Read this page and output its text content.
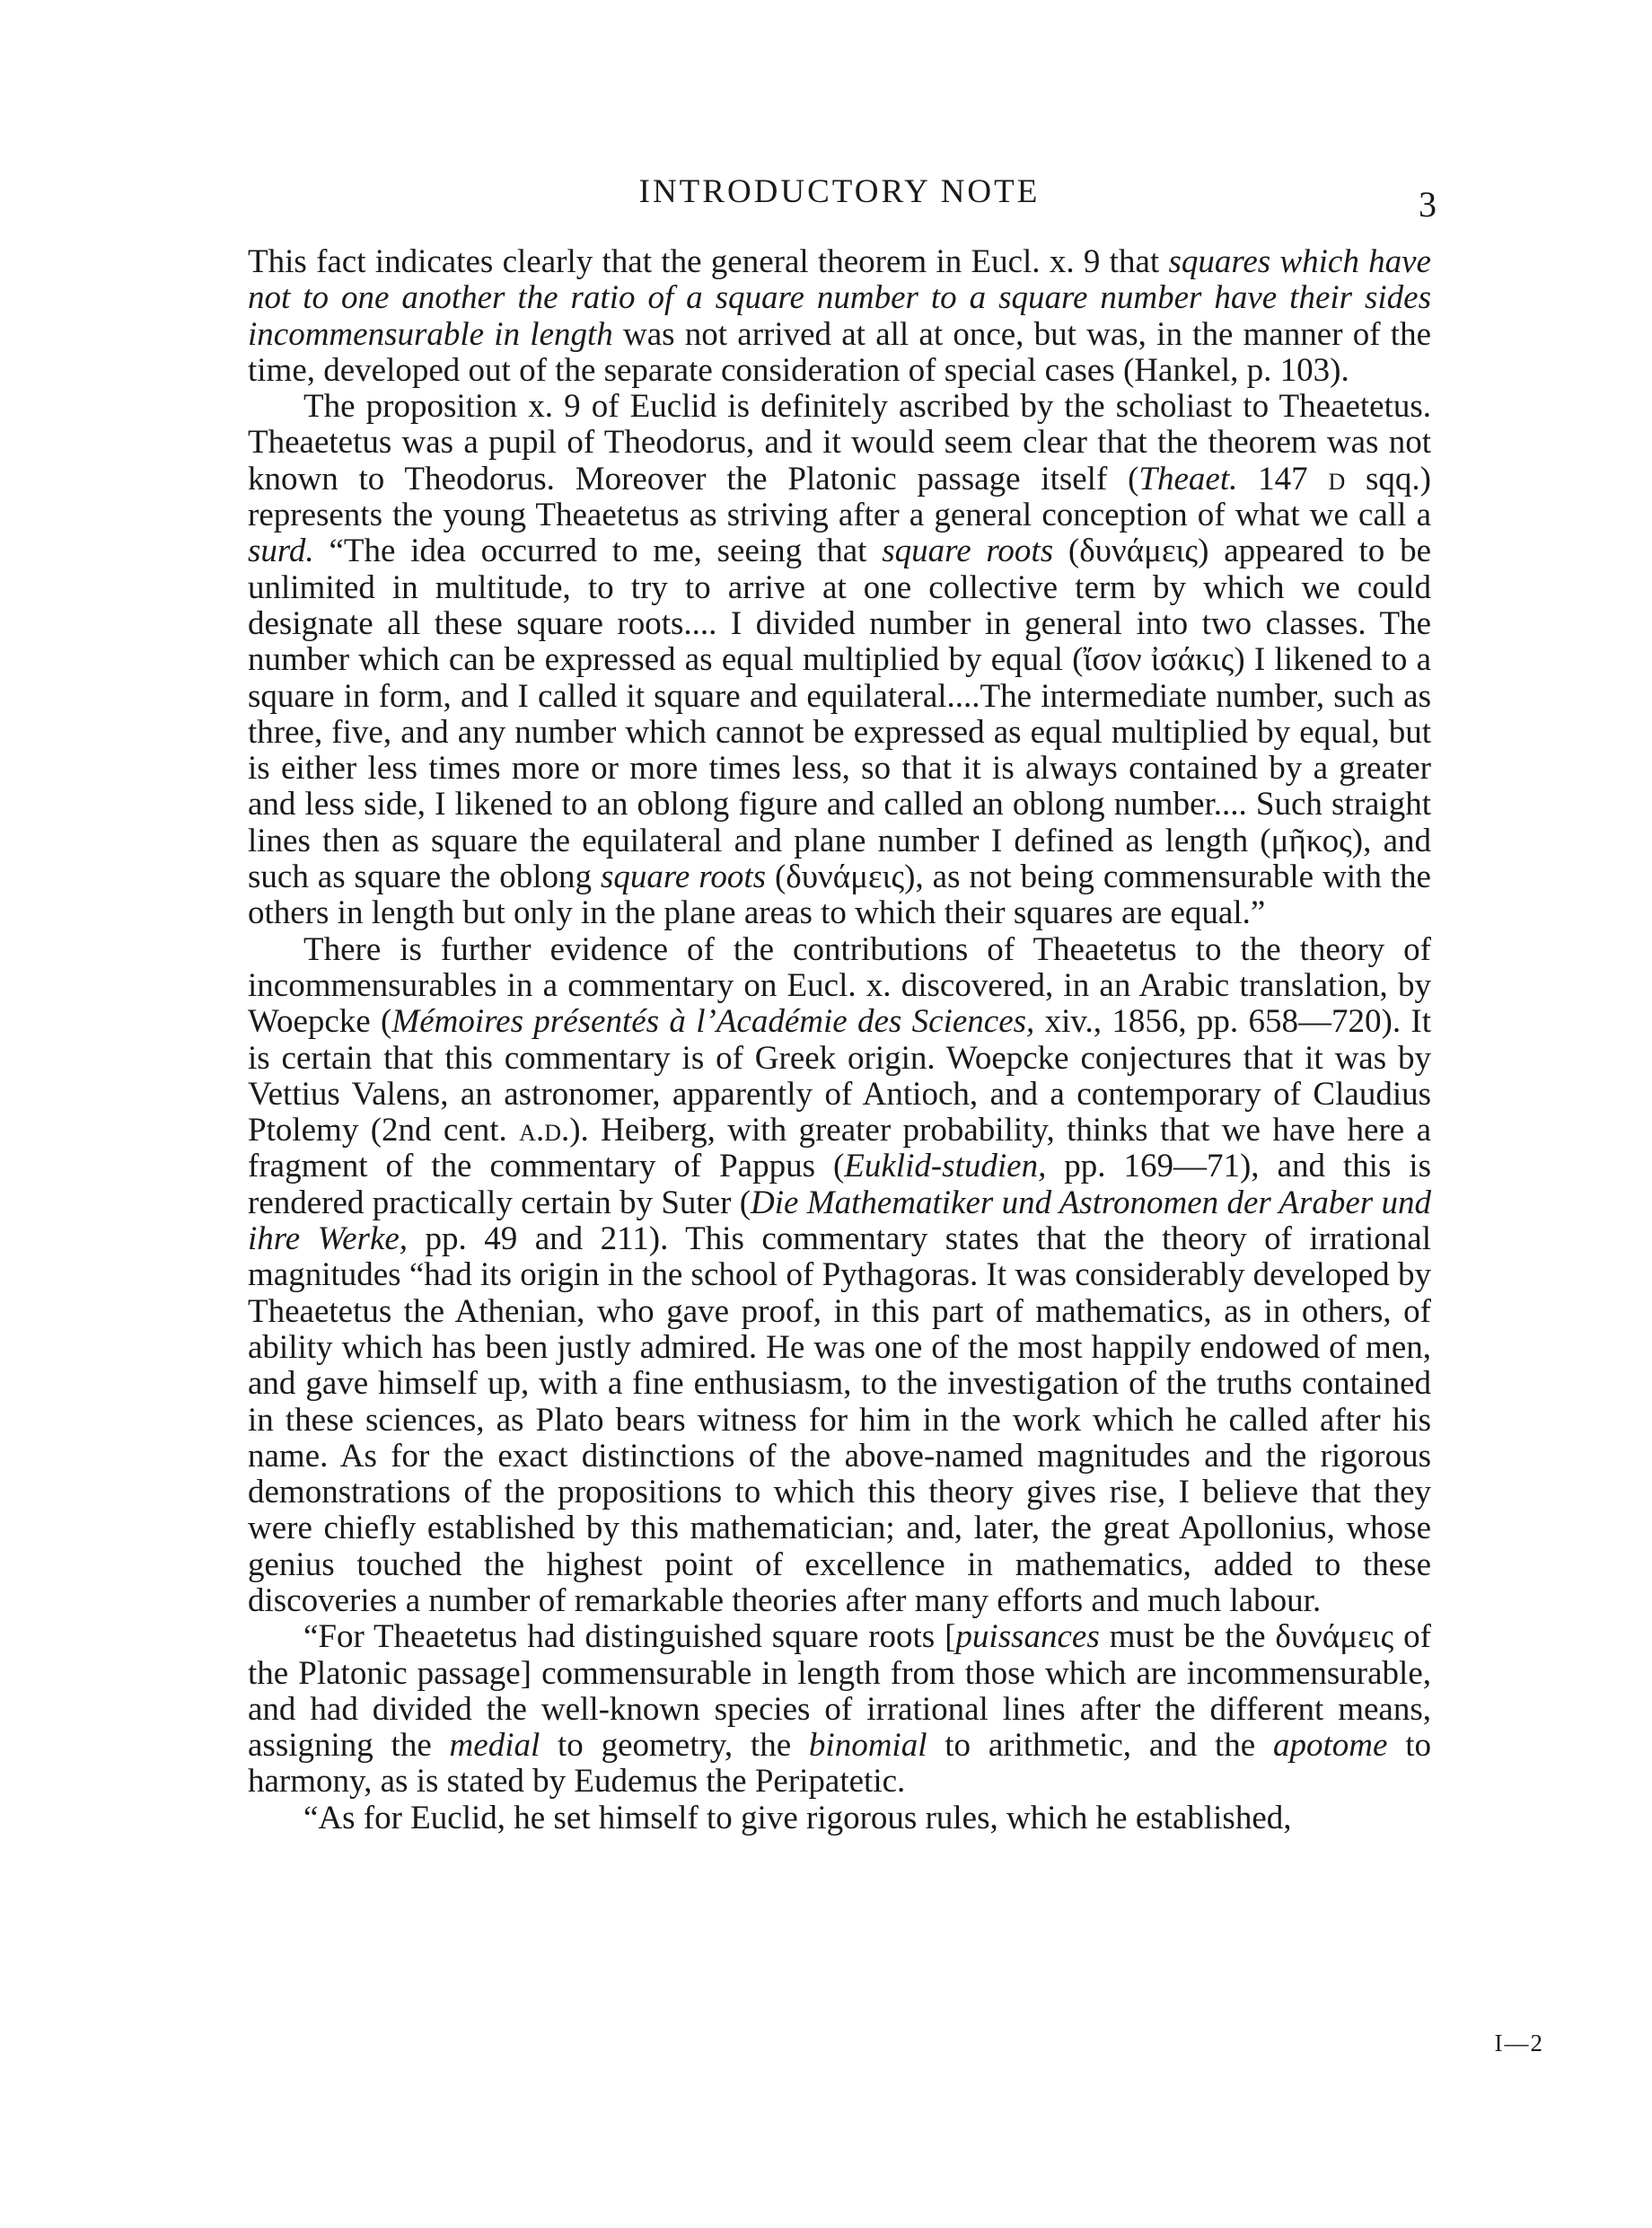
INTRODUCTORY NOTE	3

This fact indicates clearly that the general theorem in Eucl. x. 9 that squares which have not to one another the ratio of a square number to a square number have their sides incommensurable in length was not arrived at all at once, but was, in the manner of the time, developed out of the separate consideration of special cases (Hankel, p. 103).

The proposition x. 9 of Euclid is definitely ascribed by the scholiast to Theaetetus. Theaetetus was a pupil of Theodorus, and it would seem clear that the theorem was not known to Theodorus. Moreover the Platonic passage itself (Theaet. 147 d sqq.) represents the young Theaetetus as striving after a general conception of what we call a surd. “The idea occurred to me, seeing that square roots (δυνάμεις) appeared to be unlimited in multitude, to try to arrive at one collective term by which we could designate all these square roots.... I divided number in general into two classes. The number which can be expressed as equal multiplied by equal (ἴσον ἰσάκις) I likened to a square in form, and I called it square and equilateral....The intermediate number, such as three, five, and any number which cannot be expressed as equal multiplied by equal, but is either less times more or more times less, so that it is always contained by a greater and less side, I likened to an oblong figure and called an oblong number.... Such straight lines then as square the equilateral and plane number I defined as length (μῆκος), and such as square the oblong square roots (δυνάμεις), as not being commensurable with the others in length but only in the plane areas to which their squares are equal.”

There is further evidence of the contributions of Theaetetus to the theory of incommensurables in a commentary on Eucl. x. discovered, in an Arabic translation, by Woepcke (Mémoires présentés à l’Académie des Sciences, xiv., 1856, pp. 658—720). It is certain that this commentary is of Greek origin. Woepcke conjectures that it was by Vettius Valens, an astronomer, apparently of Antioch, and a contemporary of Claudius Ptolemy (2nd cent. a.d.). Heiberg, with greater probability, thinks that we have here a fragment of the commentary of Pappus (Euklid-studien, pp. 169—71), and this is rendered practically certain by Suter (Die Mathematiker und Astronomen der Araber und ihre Werke, pp. 49 and 211). This commentary states that the theory of irrational magnitudes “had its origin in the school of Pythagoras. It was considerably developed by Theaetetus the Athenian, who gave proof, in this part of mathematics, as in others, of ability which has been justly admired. He was one of the most happily endowed of men, and gave himself up, with a fine enthusiasm, to the investigation of the truths contained in these sciences, as Plato bears witness for him in the work which he called after his name. As for the exact distinctions of the above-named magnitudes and the rigorous demonstrations of the propositions to which this theory gives rise, I believe that they were chiefly established by this mathematician; and, later, the great Apollonius, whose genius touched the highest point of excellence in mathematics, added to these discoveries a number of remarkable theories after many efforts and much labour.

“For Theaetetus had distinguished square roots [puissances must be the δυνάμεις of the Platonic passage] commensurable in length from those which are incommensurable, and had divided the well-known species of irrational lines after the different means, assigning the medial to geometry, the binomial to arithmetic, and the apotome to harmony, as is stated by Eudemus the Peripatetic.

“As for Euclid, he set himself to give rigorous rules, which he established,

I—2
